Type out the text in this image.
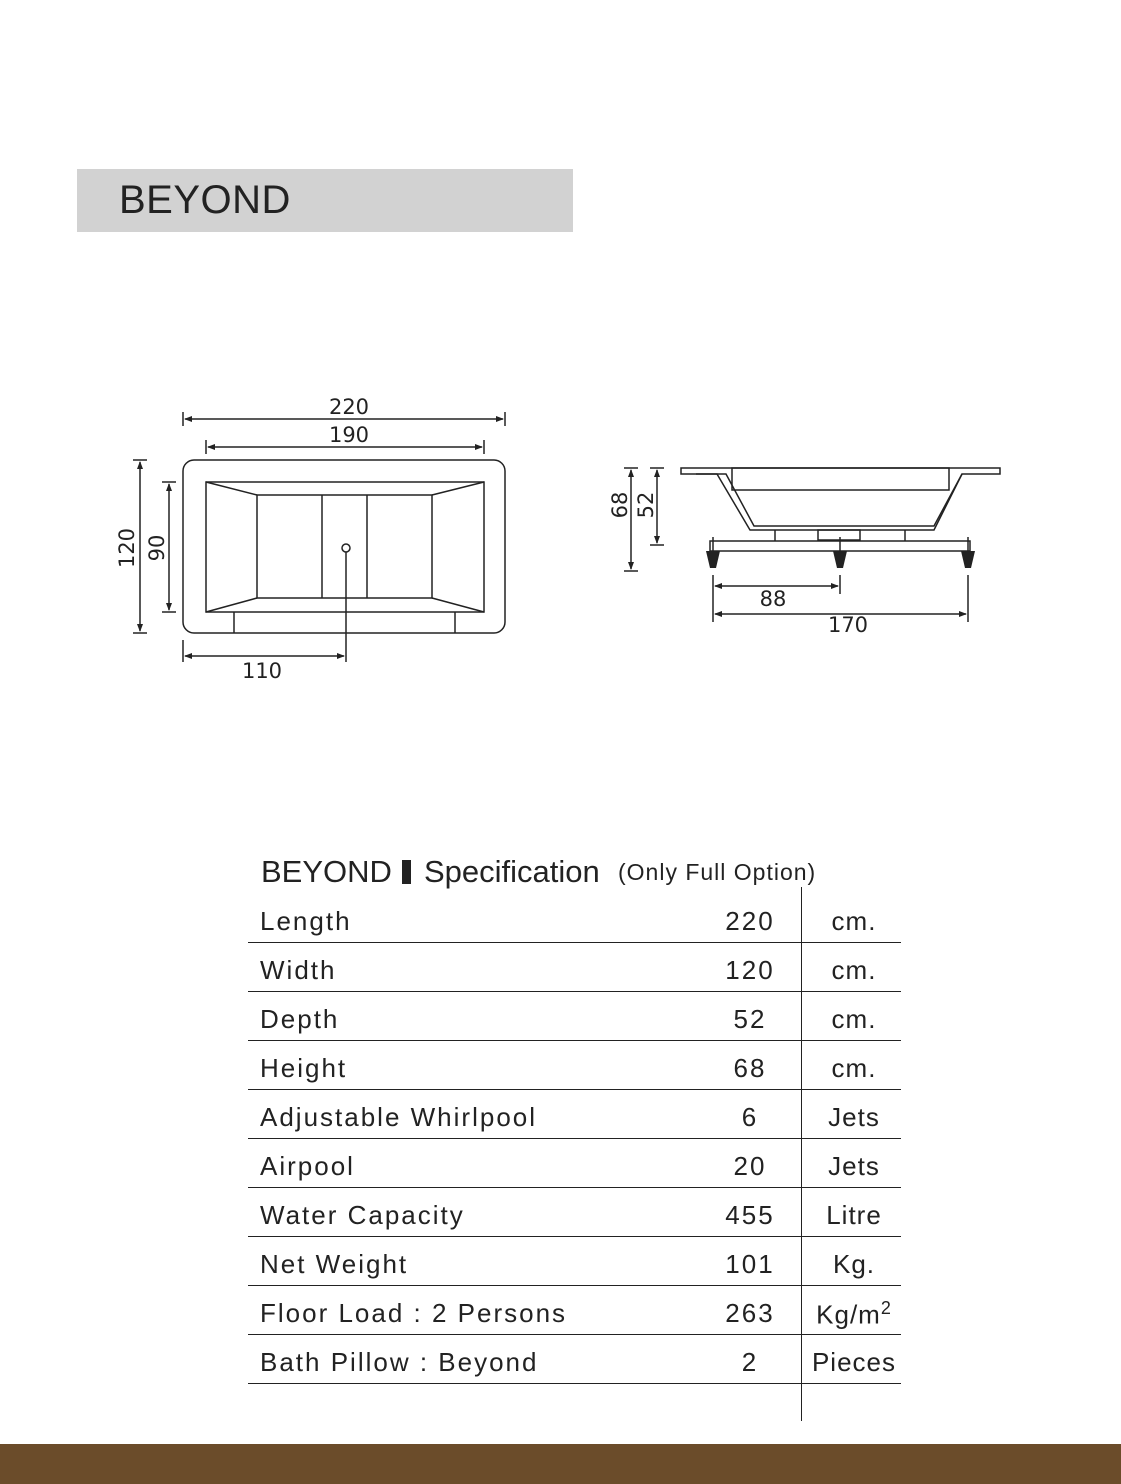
BEYOND
220
190
120 90
110
68 52
88
170
BEYOND Specification (Only Full Option)
Length	220	cm.
Width	120	cm.
Depth	52	cm.
Height	68	cm.
Adjustable Whirlpool	6	Jets
Airpool	20	Jets
Water Capacity	455	Litre
Net Weight	101	Kg.
Floor Load : 2 Persons	263	$Kg/m^2$
Bath Pillow : Beyond	2	Pieces
